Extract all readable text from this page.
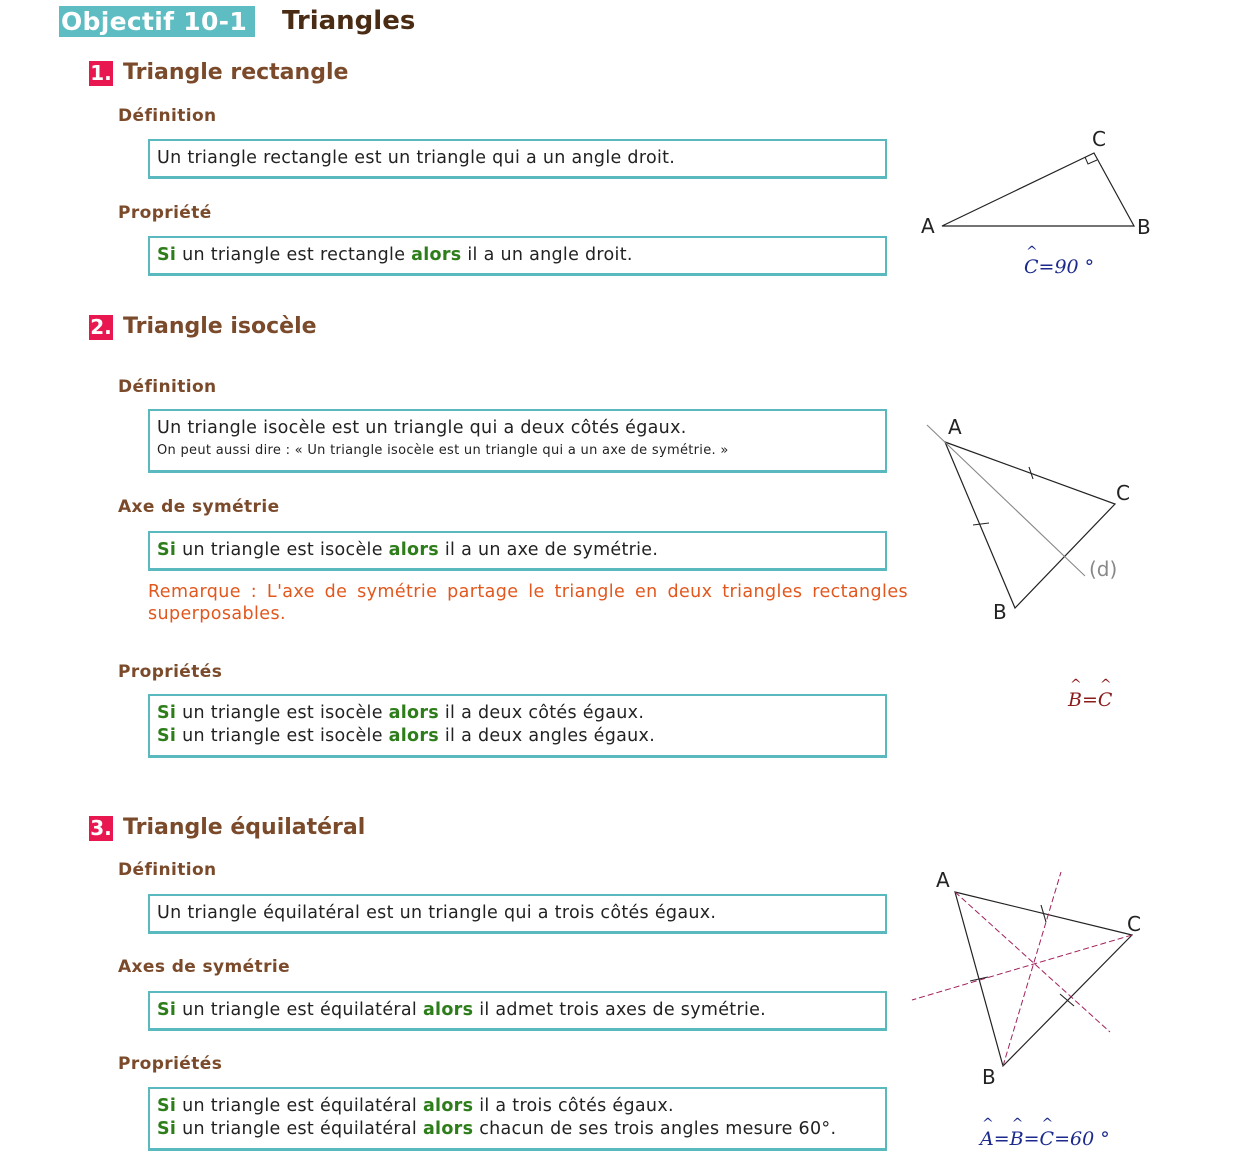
Objectif 10-1	Triangles
1. Triangle rectangle
Définition
Un triangle rectangle est un triangle qui a un angle droit.
Propriété
Si un triangle est rectangle alors il a un angle droit.
A	B
C
^ C=90 °
2. Triangle isocèle
Définition
Un triangle isocèle est un triangle qui a deux côtés égaux.
On peut aussi dire : « Un triangle isocèle est un triangle qui a un axe de symétrie. »
Axe de symétrie
Si un triangle est isocèle alors il a un axe de symétrie.
Remarque : L'axe de symétrie partage le triangle en deux triangles rectangles superposables.
Propriétés
Si un triangle est isocèle alors il a deux côtés égaux.
Si un triangle est isocèle alors il a deux angles égaux.
A
B
C
(d)
^ B=^ C
3. Triangle équilatéral
Définition
Un triangle équilatéral est un triangle qui a trois côtés égaux.
Axes de symétrie
Si un triangle est équilatéral alors il admet trois axes de symétrie.
Propriétés
Si un triangle est équilatéral alors il a trois côtés égaux.
Si un triangle est équilatéral alors chacun de ses trois angles mesure 60°.
A
B
C
^ A=^ B=^ C=60 °
